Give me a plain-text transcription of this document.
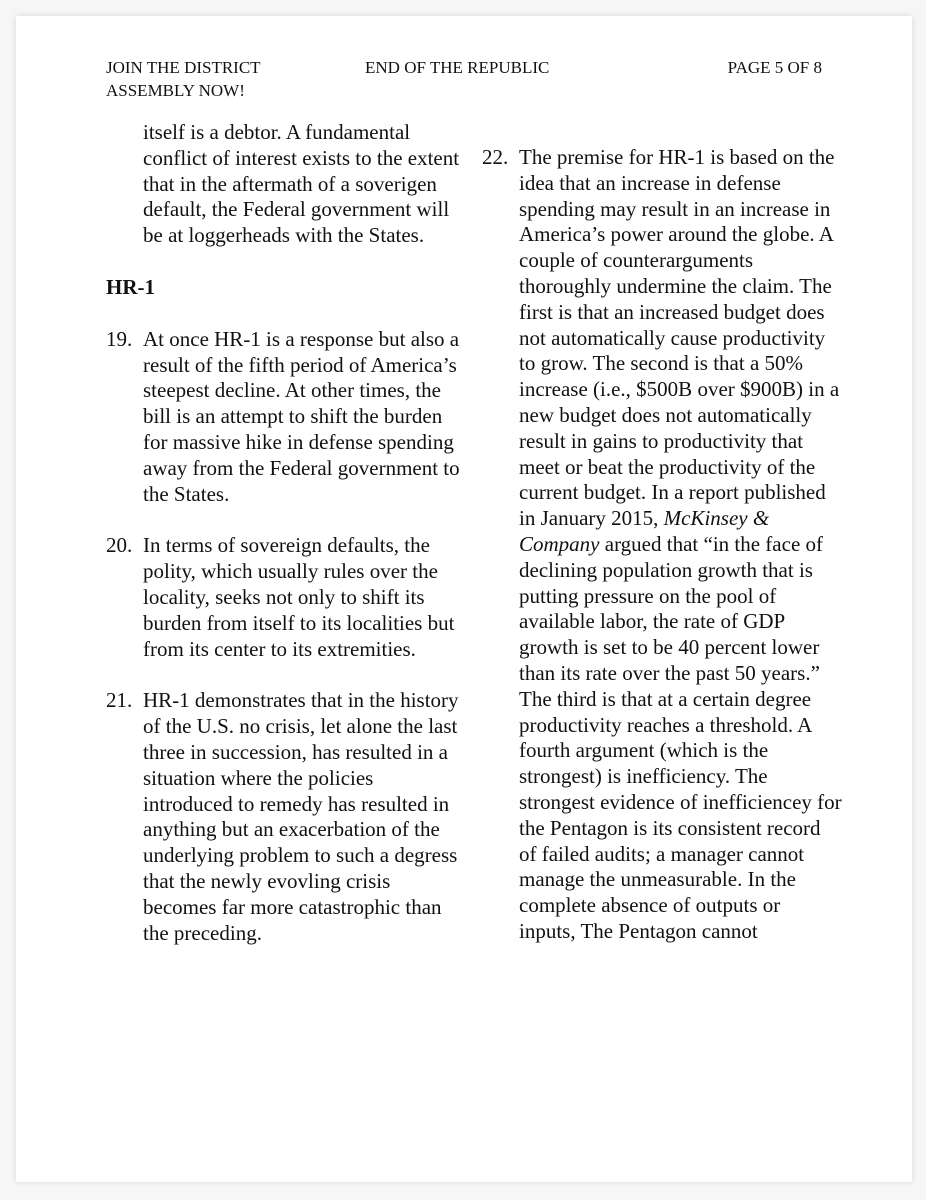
JOIN THE DISTRICT ASSEMBLY NOW!
END OF THE REPUBLIC	PAGE 5 OF 8

itself is a debtor. A fundamental conflict of interest exists to the extent that in the aftermath of a soverigen default, the Federal government will be at loggerheads with the States.

HR-1

19. At once HR-1 is a response but also a result of the fifth period of America’s steepest decline. At other times, the bill is an attempt to shift the burden for massive hike in defense spending away from the Federal government to the States.
20. In terms of sovereign defaults, the polity, which usually rules over the locality, seeks not only to shift its burden from itself to its localities but from its center to its extremities.
21. HR-1 demonstrates that in the history of the U.S. no crisis, let alone the last three in succession, has resulted in a situation where the policies introduced to remedy has resulted in anything but an exacerbation of the underlying problem to such a degress that the newly evovling crisis becomes far more catastrophic than the preceding.
22. The premise for HR-1 is based on the idea that an increase in defense spending may result in an increase in America’s power around the globe. A couple of counterarguments thoroughly undermine the claim. The first is that an increased budget does not automatically cause productivity to grow. The second is that a 50% increase (i.e., $500B over $900B) in a new budget does not automatically result in gains to productivity that meet or beat the productivity of the current budget. In a report published in January 2015, McKinsey & Company argued that “in the face of declining population growth that is putting pressure on the pool of available labor, the rate of GDP growth is set to be 40 percent lower than its rate over the past 50 years.” The third is that at a certain degree productivity reaches a threshold. A fourth argument (which is the strongest) is inefficiency. The strongest evidence of inefficiencey for the Pentagon is its consistent record of failed audits; a manager cannot manage the unmeasurable. In the complete absence of outputs or inputs, The Pentagon cannot
